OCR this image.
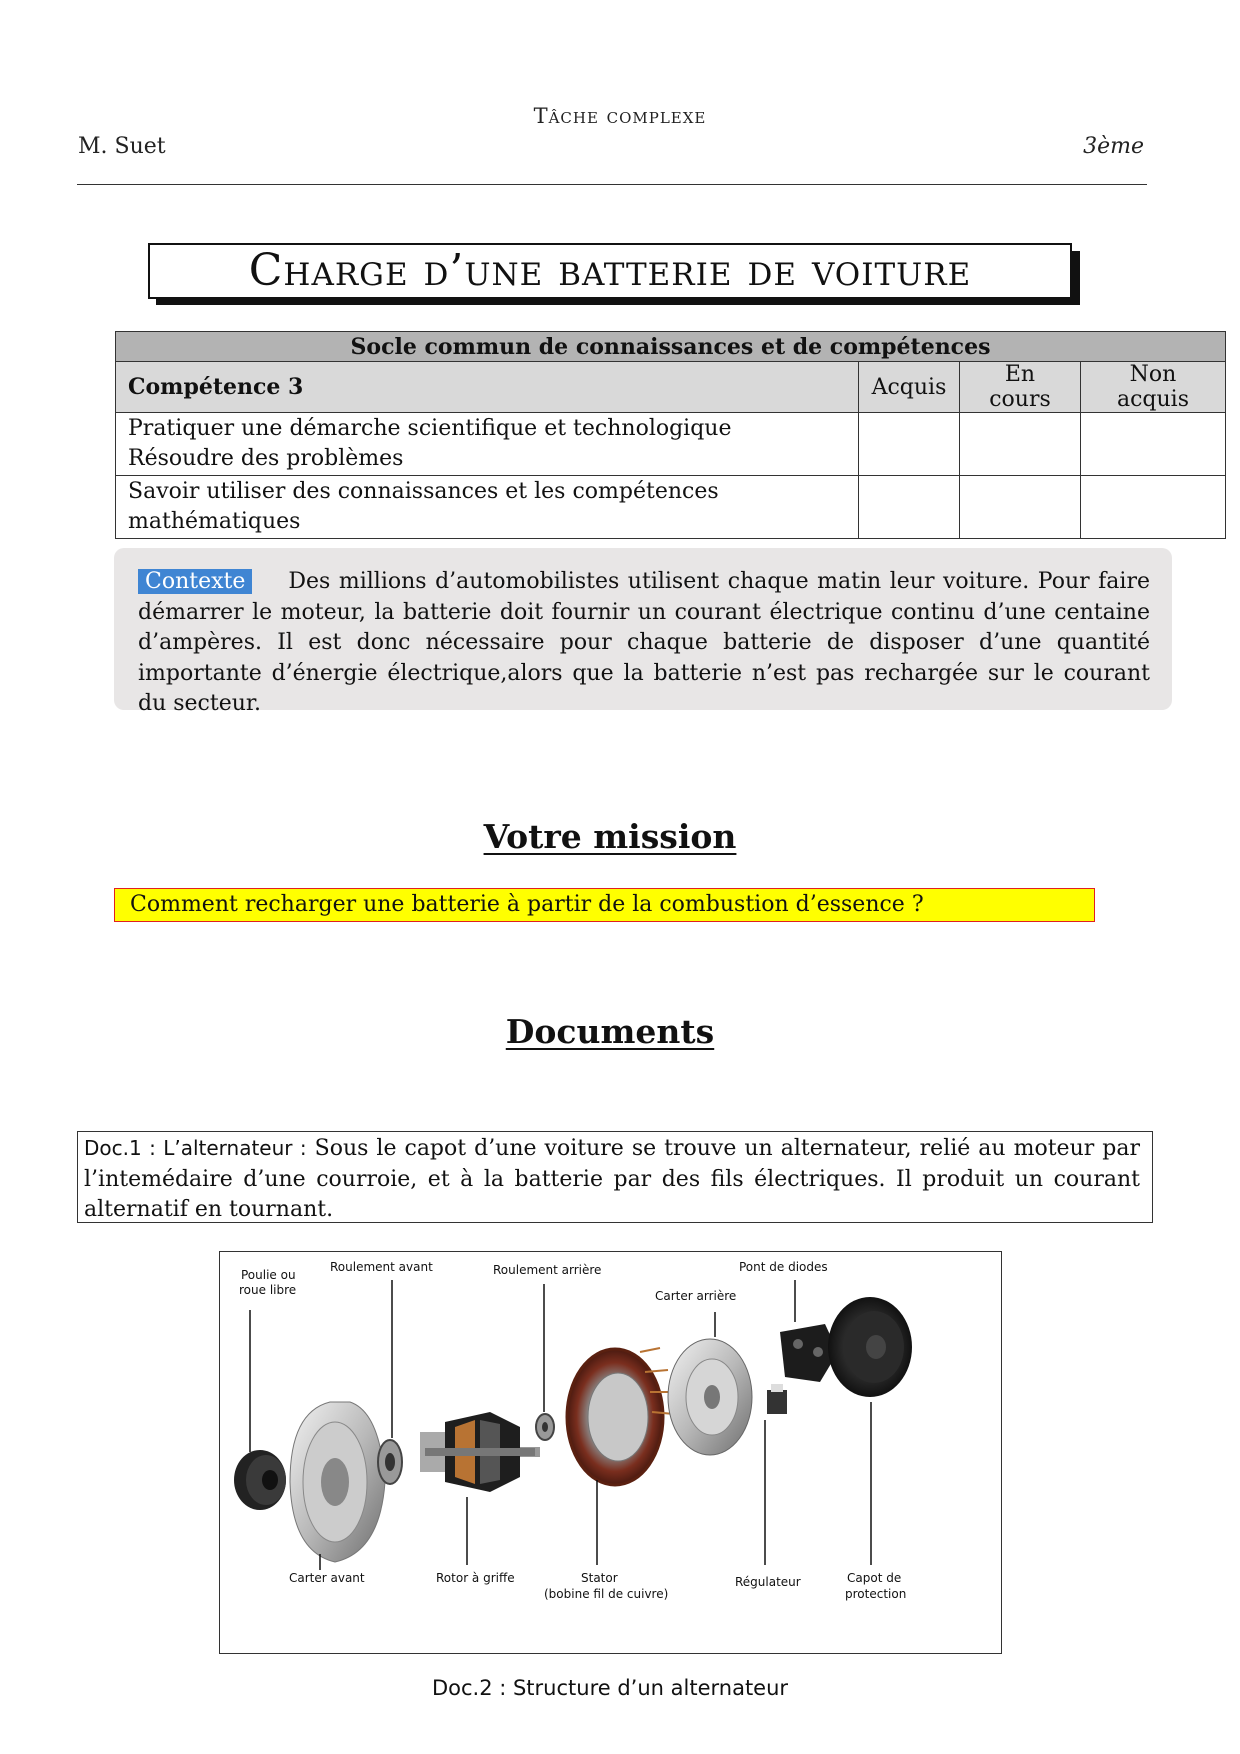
Tâche complexe
M. Suet	3ème
Charge d’une batterie de voiture
Socle commun de connaissances et de compétences			
Compétence 3	Acquis	En cours	Non acquis

Pratiquer une démarche scientifique et technologique
Résoudre des problèmes			

Savoir utiliser des connaissances et les compétences mathématiques			

Contexte Des millions d’automobilistes utilisent chaque matin leur voiture. Pour faire démarrer le moteur, la batterie doit fournir un courant électrique continu d’une centaine d’ampères. Il est donc nécessaire pour chaque batterie de disposer d’une quantité importante d’énergie électrique,alors que la batterie n’est pas rechargée sur le courant du secteur.
Votre mission
Comment recharger une batterie à partir de la combustion d’essence ?
Documents
Doc.1 : L’alternateur : Sous le capot d’une voiture se trouve un alternateur, relié au moteur par l’intemédaire d’une courroie, et à la batterie par des fils électriques. Il produit un courant alternatif en tournant.
Poulie ou
roue libre
Roulement avant	Roulement arrière	Pont de diodes
Carter arrière
Carter avant	Rotor à griffe	Stator
(bobine fil de cuivre)
Régulateur	Capot de
protection
Doc.2 : Structure d’un alternateur
